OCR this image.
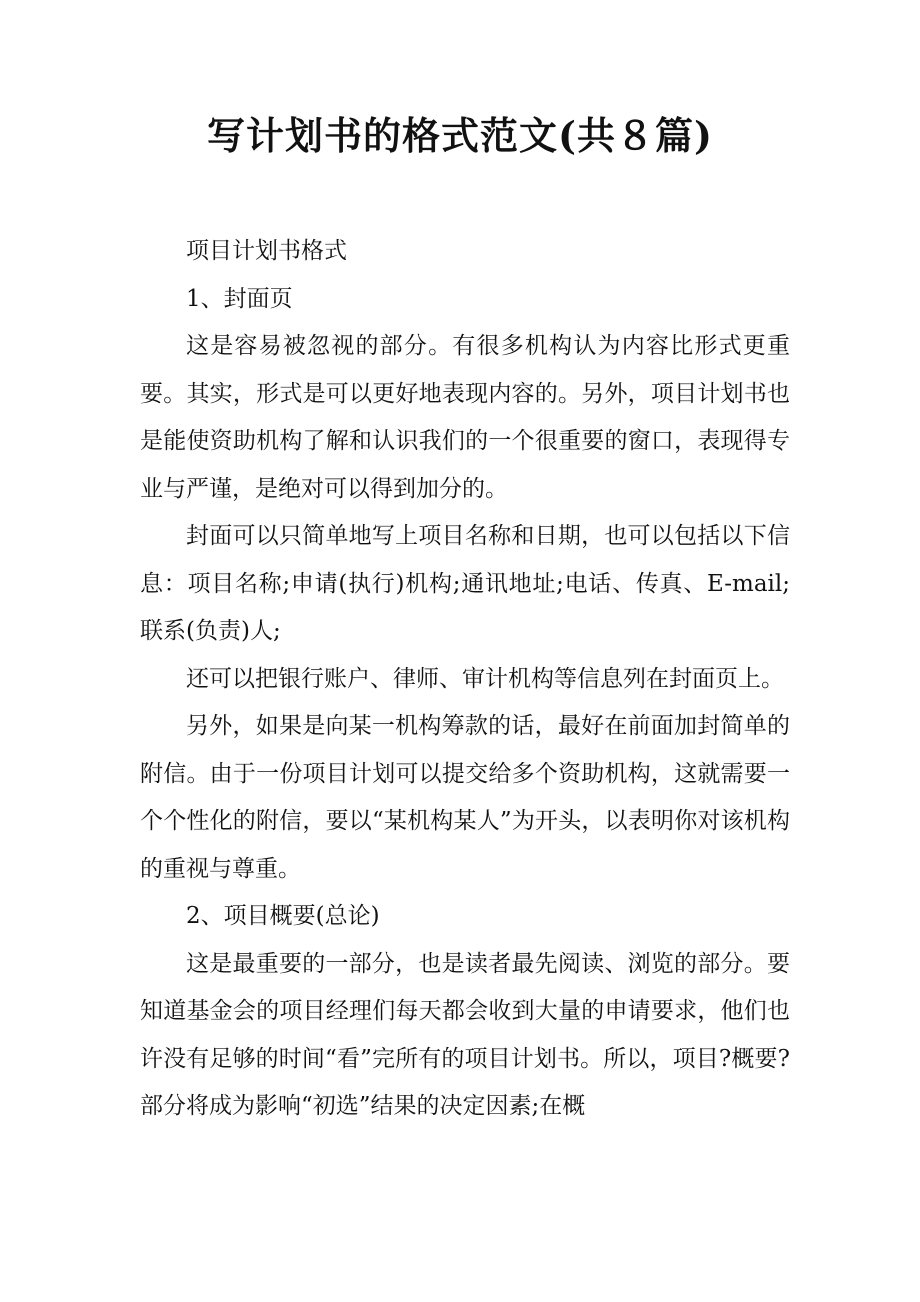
写计划书的格式范文(共８篇)

项目计划书格式

1、封面页

这是容易被忽视的部分。有很多机构认为内容比形式更重要。其实，形式是可以更好地表现内容的。另外，项目计划书也是能使资助机构了解和认识我们的一个很重要的窗口，表现得专业与严谨，是绝对可以得到加分的。

封面可以只简单地写上项目名称和日期，也可以包括以下信息：项目名称;申请(执行)机构;通讯地址;电话、传真、E-mail;联系(负责)人;

还可以把银行账户、律师、审计机构等信息列在封面页上。

另外，如果是向某一机构筹款的话，最好在前面加封简单的附信。由于一份项目计划可以提交给多个资助机构，这就需要一个个性化的附信，要以“某机构某人”为开头，以表明你对该机构的重视与尊重。

2、项目概要(总论)

这是最重要的一部分，也是读者最先阅读、浏览的部分。要知道基金会的项目经理们每天都会收到大量的申请要求，他们也许没有足够的时间“看”完所有的项目计划书。所以，项目?概要?部分将成为影响“初选”结果的决定因素;在概
